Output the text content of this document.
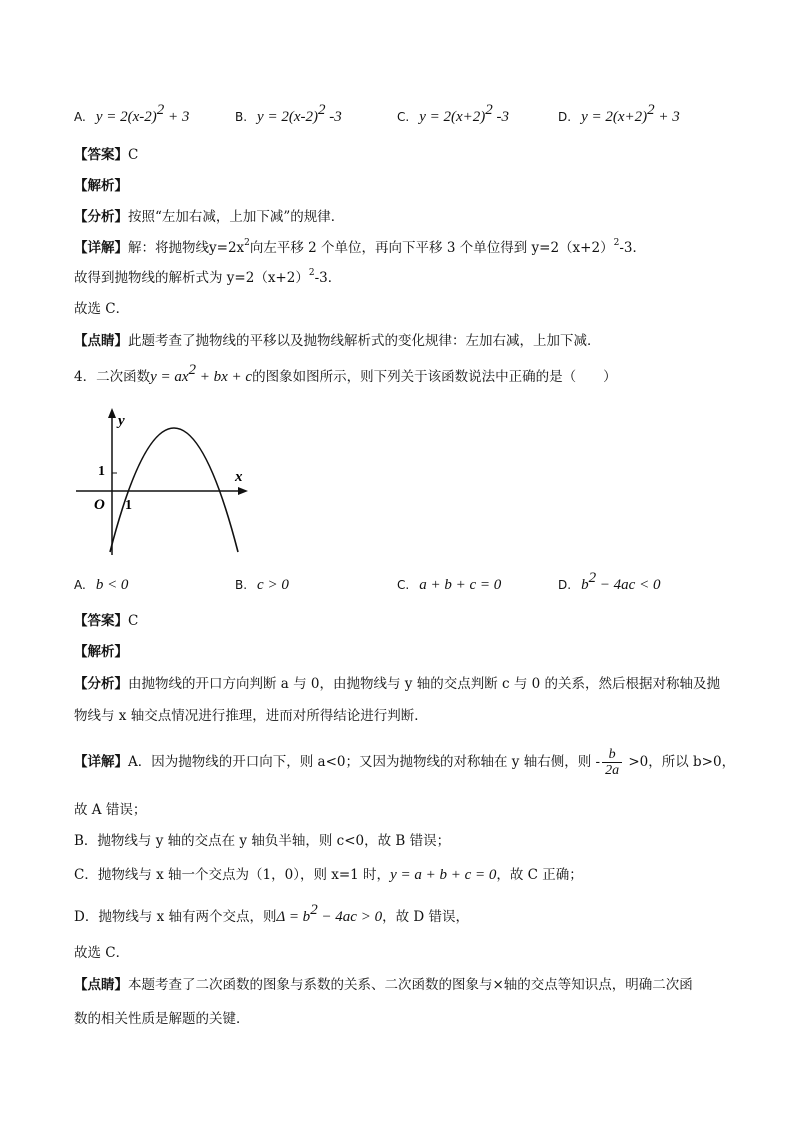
A. $y = 2(x-2)^2 + 3$	B. $y = 2(x-2)^2$ -3	C. $y = 2(x+2)^2$ -3	D. $y = 2(x+2)^2 + 3$
【答案】C
【解析】
【分析】按照“左加右减，上加下减”的规律．
【详解】解：将抛物线$y=2x^2$向左平移 2 个单位，再向下平移 3 个单位得到 $y=2(x+2)^2-3$．
故得到抛物线的解析式为 $y=2(x+2)^2-3$．
故选 C．
【点睛】此题考查了抛物线的平移以及抛物线解析式的变化规律：左加右减，上加下减．
4．二次函数$y = ax^2$ + bx + c的图象如图所示，则下列关于该函数说法中正确的是（　　）
y
x
O
1
1
A. b < 0	B. c > 0	C. a + b + c = 0	D. $b^2 - 4ac < 0$
【答案】C
【解析】
【分析】由抛物线的开口方向判断 a 与 0，由抛物线与 y 轴的交点判断 c 与 0 的关系，然后根据对称轴及抛
物线与 x 轴交点情况进行推理，进而对所得结论进行判断．
【详解】A．因为抛物线的开口向下，则 a<0；又因为抛物线的对称轴在 y 轴右侧，则 - $\frac{b}{2a} >0$，所以 b>0，
故 A 错误；
B．抛物线与 y 轴的交点在 y 轴负半轴，则 c<0，故 B 错误；
C．抛物线与 x 轴一个交点为（1，0），则 x=1 时，y = a + b + c = 0，故 C 正确；
D．抛物线与 x 轴有两个交点，则$\Delta = b^2 - 4ac > 0$，故 D 错误，
故选 C．
【点睛】本题考查了二次函数的图象与系数的关系、二次函数的图象与×轴的交点等知识点，明确二次函
数的相关性质是解题的关键．
